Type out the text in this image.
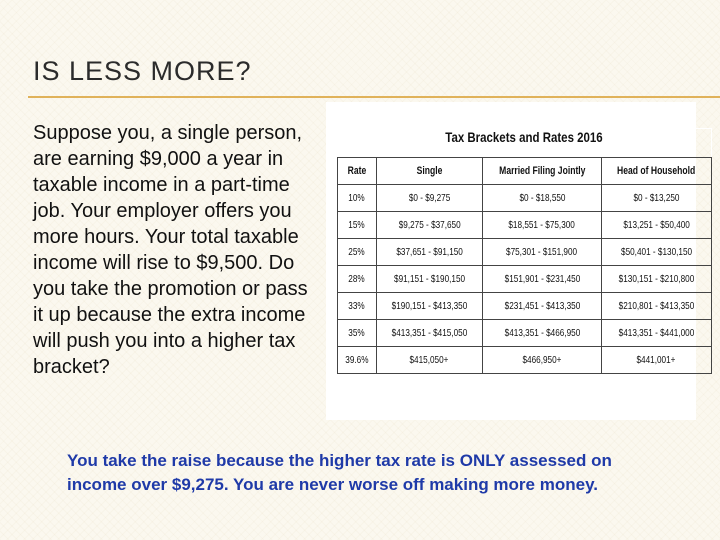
IS LESS MORE?
Suppose you, a single person, are earning $9,000 a year in taxable income in a part-time job. Your employer offers you more hours. Your total taxable income will rise to $9,500. Do you take the promotion or pass it up because the extra income will push you into a higher tax bracket?
Tax Brackets and Rates 2016			
Rate	Single	Married Filing Jointly	Head of Household
10%	$0 - $9,275	$0 - $18,550	$0 - $13,250
15%	$9,275 - $37,650	$18,551 - $75,300	$13,251 - $50,400
25%	$37,651 - $91,150	$75,301 - $151,900	$50,401 - $130,150
28%	$91,151 - $190,150	$151,901 - $231,450	$130,151 - $210,800
33%	$190,151 - $413,350	$231,451 - $413,350	$210,801 - $413,350
35%	$413,351 - $415,050	$413,351 - $466,950	$413,351 - $441,000
39.6%	$415,050+	$466,950+	$441,001+
You take the raise because the higher tax rate is ONLY assessed on income over $9,275. You are never worse off making more money.
